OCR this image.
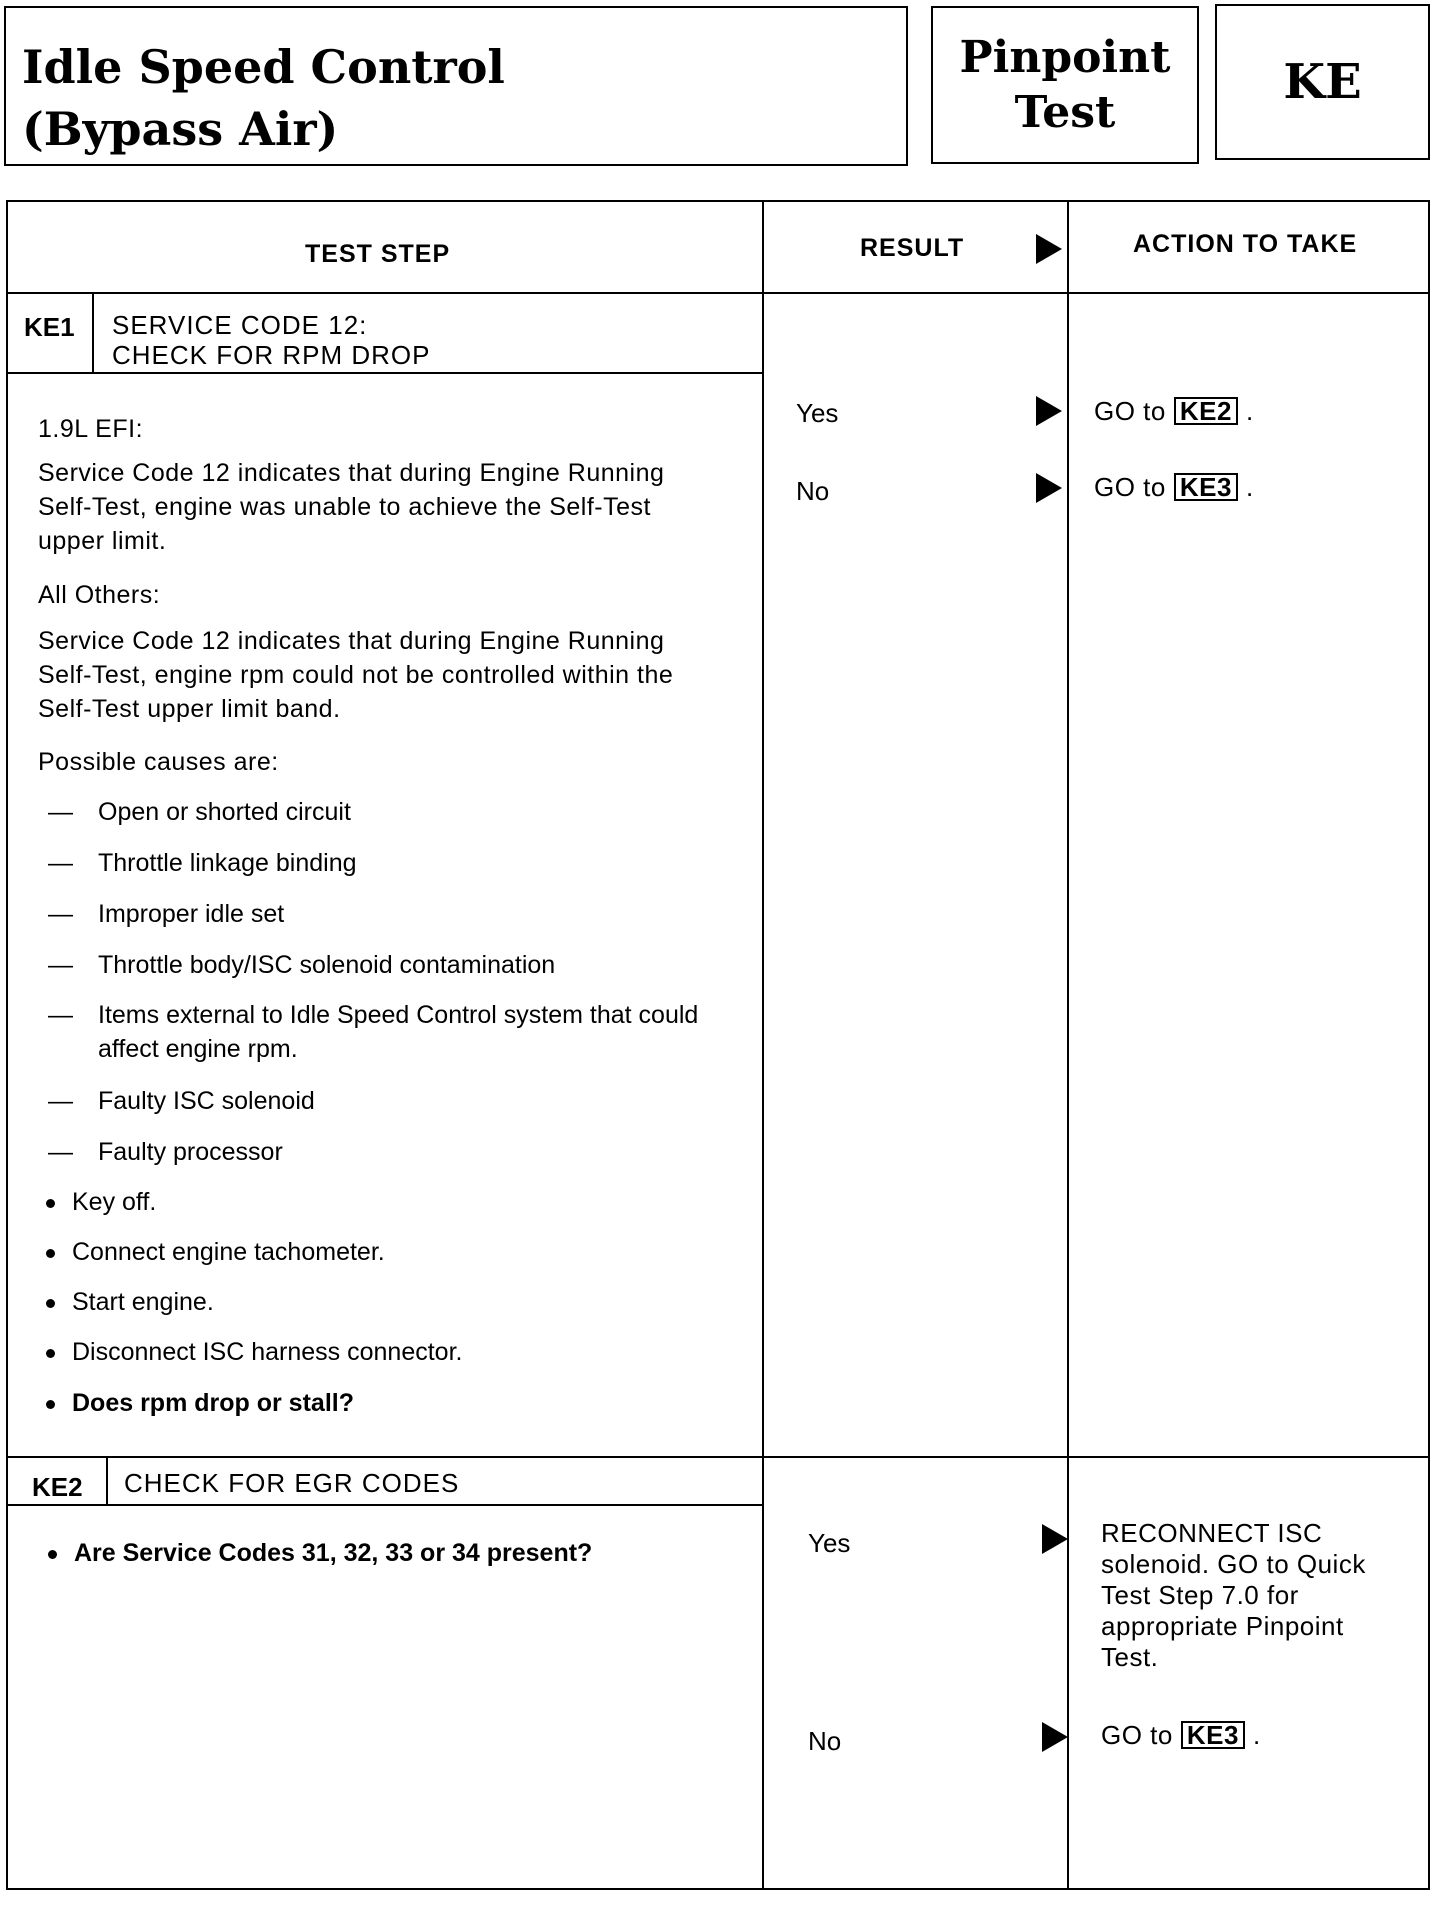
Idle Speed Control
(Bypass Air)
Pinpoint
Test
KE
TEST STEP	RESULT	ACTION TO TAKE
KE1 SERVICE CODE 12:
CHECK FOR RPM DROP
1.9L EFI:
Service Code 12 indicates that during Engine Running Self-Test, engine was unable to achieve the Self-Test upper limit.
All Others:
Service Code 12 indicates that during Engine Running Self-Test, engine rpm could not be controlled within the Self-Test upper limit band.
Possible causes are:
— Open or shorted circuit
— Throttle linkage binding
— Improper idle set
— Throttle body/ISC solenoid contamination
— Items external to Idle Speed Control system that could affect engine rpm.
— Faulty ISC solenoid
— Faulty processor
Key off.
Connect engine tachometer.
Start engine.
Disconnect ISC harness connector.
Does rpm drop or stall?
Yes	GO to KE2 .
No	GO to KE3 .
KE2 CHECK FOR EGR CODES
Are Service Codes 31, 32, 33 or 34 present?	Yes	RECONNECT ISC solenoid. GO to Quick Test Step 7.0 for appropriate Pinpoint Test.
No	GO to KE3 .
